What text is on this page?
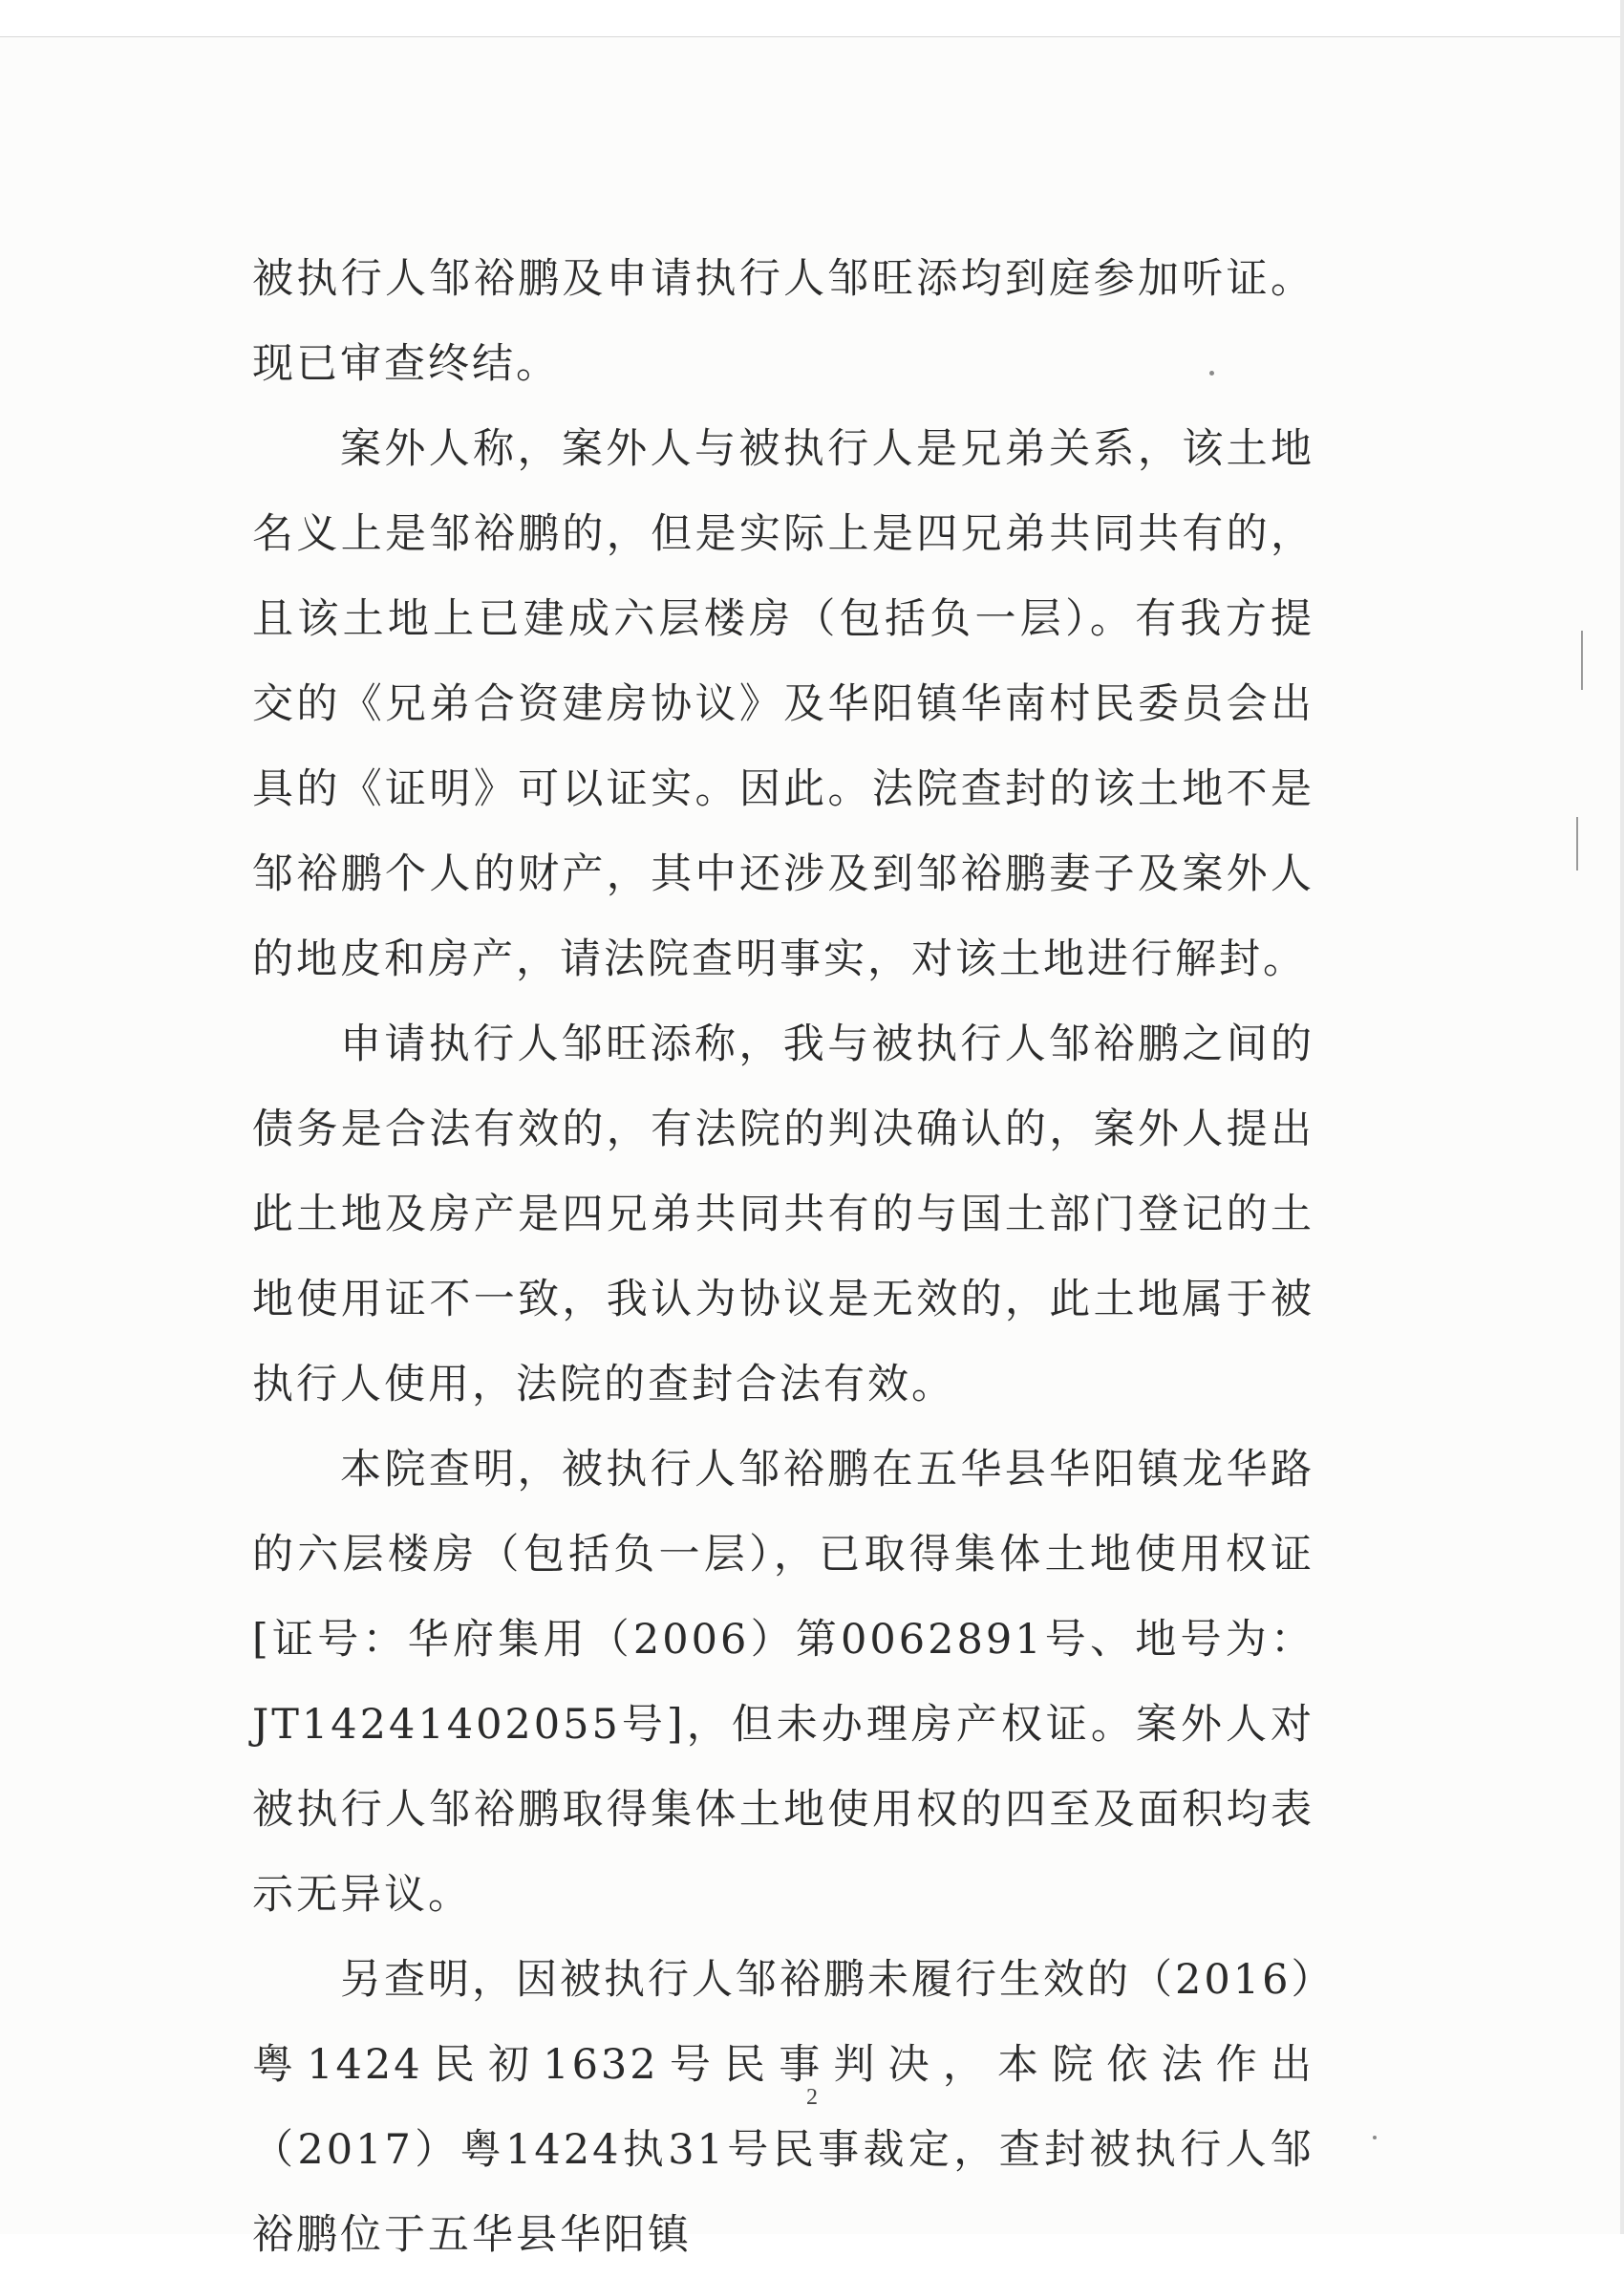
被执行人邹裕鹏及申请执行人邹旺添均到庭参加听证。现已审查终结。

案外人称，案外人与被执行人是兄弟关系，该土地名义上是邹裕鹏的，但是实际上是四兄弟共同共有的，且该土地上已建成六层楼房（包括负一层）。有我方提交的《兄弟合资建房协议》及华阳镇华南村民委员会出具的《证明》可以证实。因此。法院查封的该土地不是邹裕鹏个人的财产，其中还涉及到邹裕鹏妻子及案外人的地皮和房产，请法院查明事实，对该土地进行解封。

申请执行人邹旺添称，我与被执行人邹裕鹏之间的债务是合法有效的，有法院的判决确认的，案外人提出此土地及房产是四兄弟共同共有的与国土部门登记的土地使用证不一致，我认为协议是无效的，此土地属于被执行人使用，法院的查封合法有效。

本院查明，被执行人邹裕鹏在五华县华阳镇龙华路的六层楼房（包括负一层），已取得集体土地使用权证[证号：华府集用（2006）第0062891号、地号为：JT14241402055号]，但未办理房产权证。案外人对被执行人邹裕鹏取得集体土地使用权的四至及面积均表示无异议。

另查明，因被执行人邹裕鹏未履行生效的（2016）粤1424民初1632号民事判决，本院依法作出（2017）粤1424执31号民事裁定，查封被执行人邹裕鹏位于五华县华阳镇

2
